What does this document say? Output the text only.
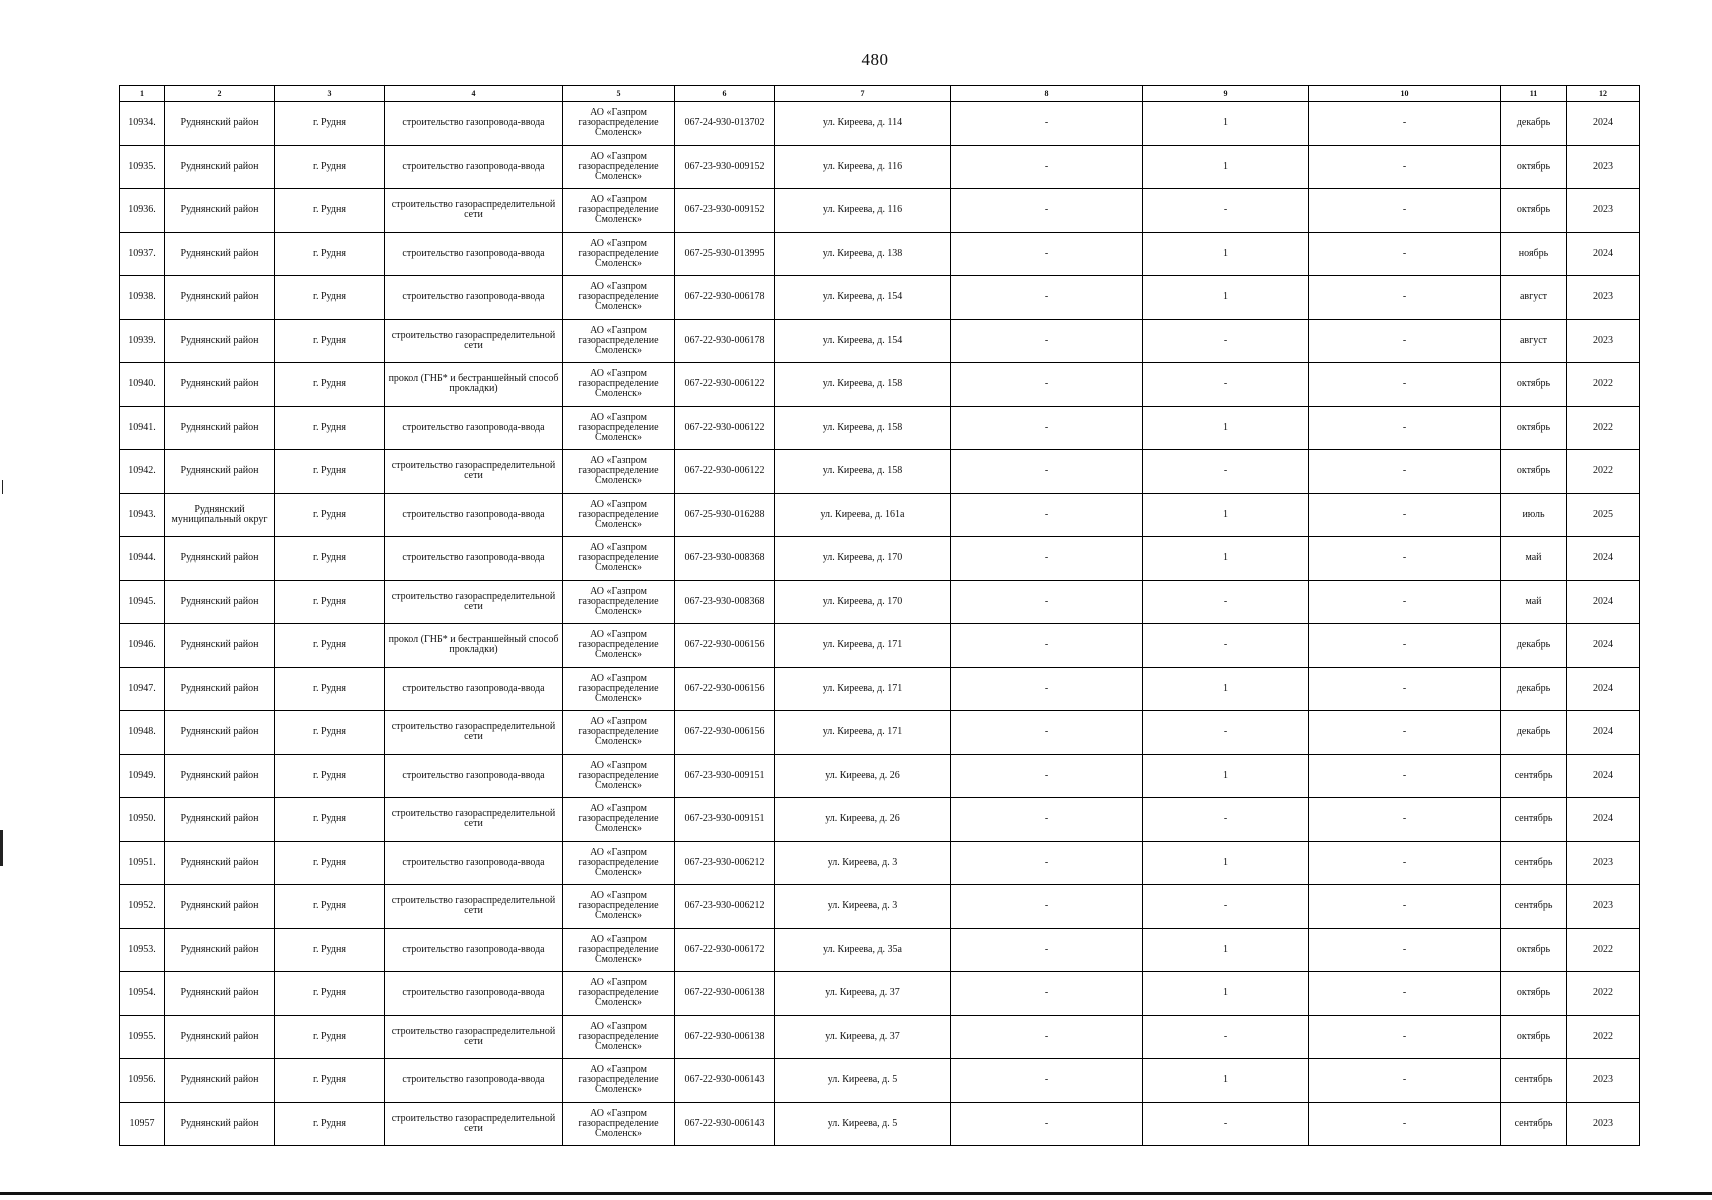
480
1	2	3	4	5	6	7	8	9	10	11	12
10934.	Руднянский район	г. Рудня	строительство газопровода-ввода	АО «Газпром газораспределение Смоленск»	067-24-930-013702	ул. Киреева, д. 114	-	1	-	декабрь	2024
10935.	Руднянский район	г. Рудня	строительство газопровода-ввода	АО «Газпром газораспределение Смоленск»	067-23-930-009152	ул. Киреева, д. 116	-	1	-	октябрь	2023
10936.	Руднянский район	г. Рудня	строительство газораспределительной сети	АО «Газпром газораспределение Смоленск»	067-23-930-009152	ул. Киреева, д. 116	-	-	-	октябрь	2023
10937.	Руднянский район	г. Рудня	строительство газопровода-ввода	АО «Газпром газораспределение Смоленск»	067-25-930-013995	ул. Киреева, д. 138	-	1	-	ноябрь	2024
10938.	Руднянский район	г. Рудня	строительство газопровода-ввода	АО «Газпром газораспределение Смоленск»	067-22-930-006178	ул. Киреева, д. 154	-	1	-	август	2023
10939.	Руднянский район	г. Рудня	строительство газораспределительной сети	АО «Газпром газораспределение Смоленск»	067-22-930-006178	ул. Киреева, д. 154	-	-	-	август	2023
10940.	Руднянский район	г. Рудня	прокол (ГНБ* и бестраншейный способ прокладки)	АО «Газпром газораспределение Смоленск»	067-22-930-006122	ул. Киреева, д. 158	-	-	-	октябрь	2022
10941.	Руднянский район	г. Рудня	строительство газопровода-ввода	АО «Газпром газораспределение Смоленск»	067-22-930-006122	ул. Киреева, д. 158	-	1	-	октябрь	2022
10942.	Руднянский район	г. Рудня	строительство газораспределительной сети	АО «Газпром газораспределение Смоленск»	067-22-930-006122	ул. Киреева, д. 158	-	-	-	октябрь	2022
10943.	Руднянский муниципальный округ	г. Рудня	строительство газопровода-ввода	АО «Газпром газораспределение Смоленск»	067-25-930-016288	ул. Киреева, д. 161а	-	1	-	июль	2025
10944.	Руднянский район	г. Рудня	строительство газопровода-ввода	АО «Газпром газораспределение Смоленск»	067-23-930-008368	ул. Киреева, д. 170	-	1	-	май	2024
10945.	Руднянский район	г. Рудня	строительство газораспределительной сети	АО «Газпром газораспределение Смоленск»	067-23-930-008368	ул. Киреева, д. 170	-	-	-	май	2024
10946.	Руднянский район	г. Рудня	прокол (ГНБ* и бестраншейный способ прокладки)	АО «Газпром газораспределение Смоленск»	067-22-930-006156	ул. Киреева, д. 171	-	-	-	декабрь	2024
10947.	Руднянский район	г. Рудня	строительство газопровода-ввода	АО «Газпром газораспределение Смоленск»	067-22-930-006156	ул. Киреева, д. 171	-	1	-	декабрь	2024
10948.	Руднянский район	г. Рудня	строительство газораспределительной сети	АО «Газпром газораспределение Смоленск»	067-22-930-006156	ул. Киреева, д. 171	-	-	-	декабрь	2024
10949.	Руднянский район	г. Рудня	строительство газопровода-ввода	АО «Газпром газораспределение Смоленск»	067-23-930-009151	ул. Киреева, д. 26	-	1	-	сентябрь	2024
10950.	Руднянский район	г. Рудня	строительство газораспределительной сети	АО «Газпром газораспределение Смоленск»	067-23-930-009151	ул. Киреева, д. 26	-	-	-	сентябрь	2024
10951.	Руднянский район	г. Рудня	строительство газопровода-ввода	АО «Газпром газораспределение Смоленск»	067-23-930-006212	ул. Киреева, д. 3	-	1	-	сентябрь	2023
10952.	Руднянский район	г. Рудня	строительство газораспределительной сети	АО «Газпром газораспределение Смоленск»	067-23-930-006212	ул. Киреева, д. 3	-	-	-	сентябрь	2023
10953.	Руднянский район	г. Рудня	строительство газопровода-ввода	АО «Газпром газораспределение Смоленск»	067-22-930-006172	ул. Киреева, д. 35а	-	1	-	октябрь	2022
10954.	Руднянский район	г. Рудня	строительство газопровода-ввода	АО «Газпром газораспределение Смоленск»	067-22-930-006138	ул. Киреева, д. 37	-	1	-	октябрь	2022
10955.	Руднянский район	г. Рудня	строительство газораспределительной сети	АО «Газпром газораспределение Смоленск»	067-22-930-006138	ул. Киреева, д. 37	-	-	-	октябрь	2022
10956.	Руднянский район	г. Рудня	строительство газопровода-ввода	АО «Газпром газораспределение Смоленск»	067-22-930-006143	ул. Киреева, д. 5	-	1	-	сентябрь	2023
10957	Руднянский район	г. Рудня	строительство газораспределительной сети	АО «Газпром газораспределение Смоленск»	067-22-930-006143	ул. Киреева, д. 5	-	-	-	сентябрь	2023
